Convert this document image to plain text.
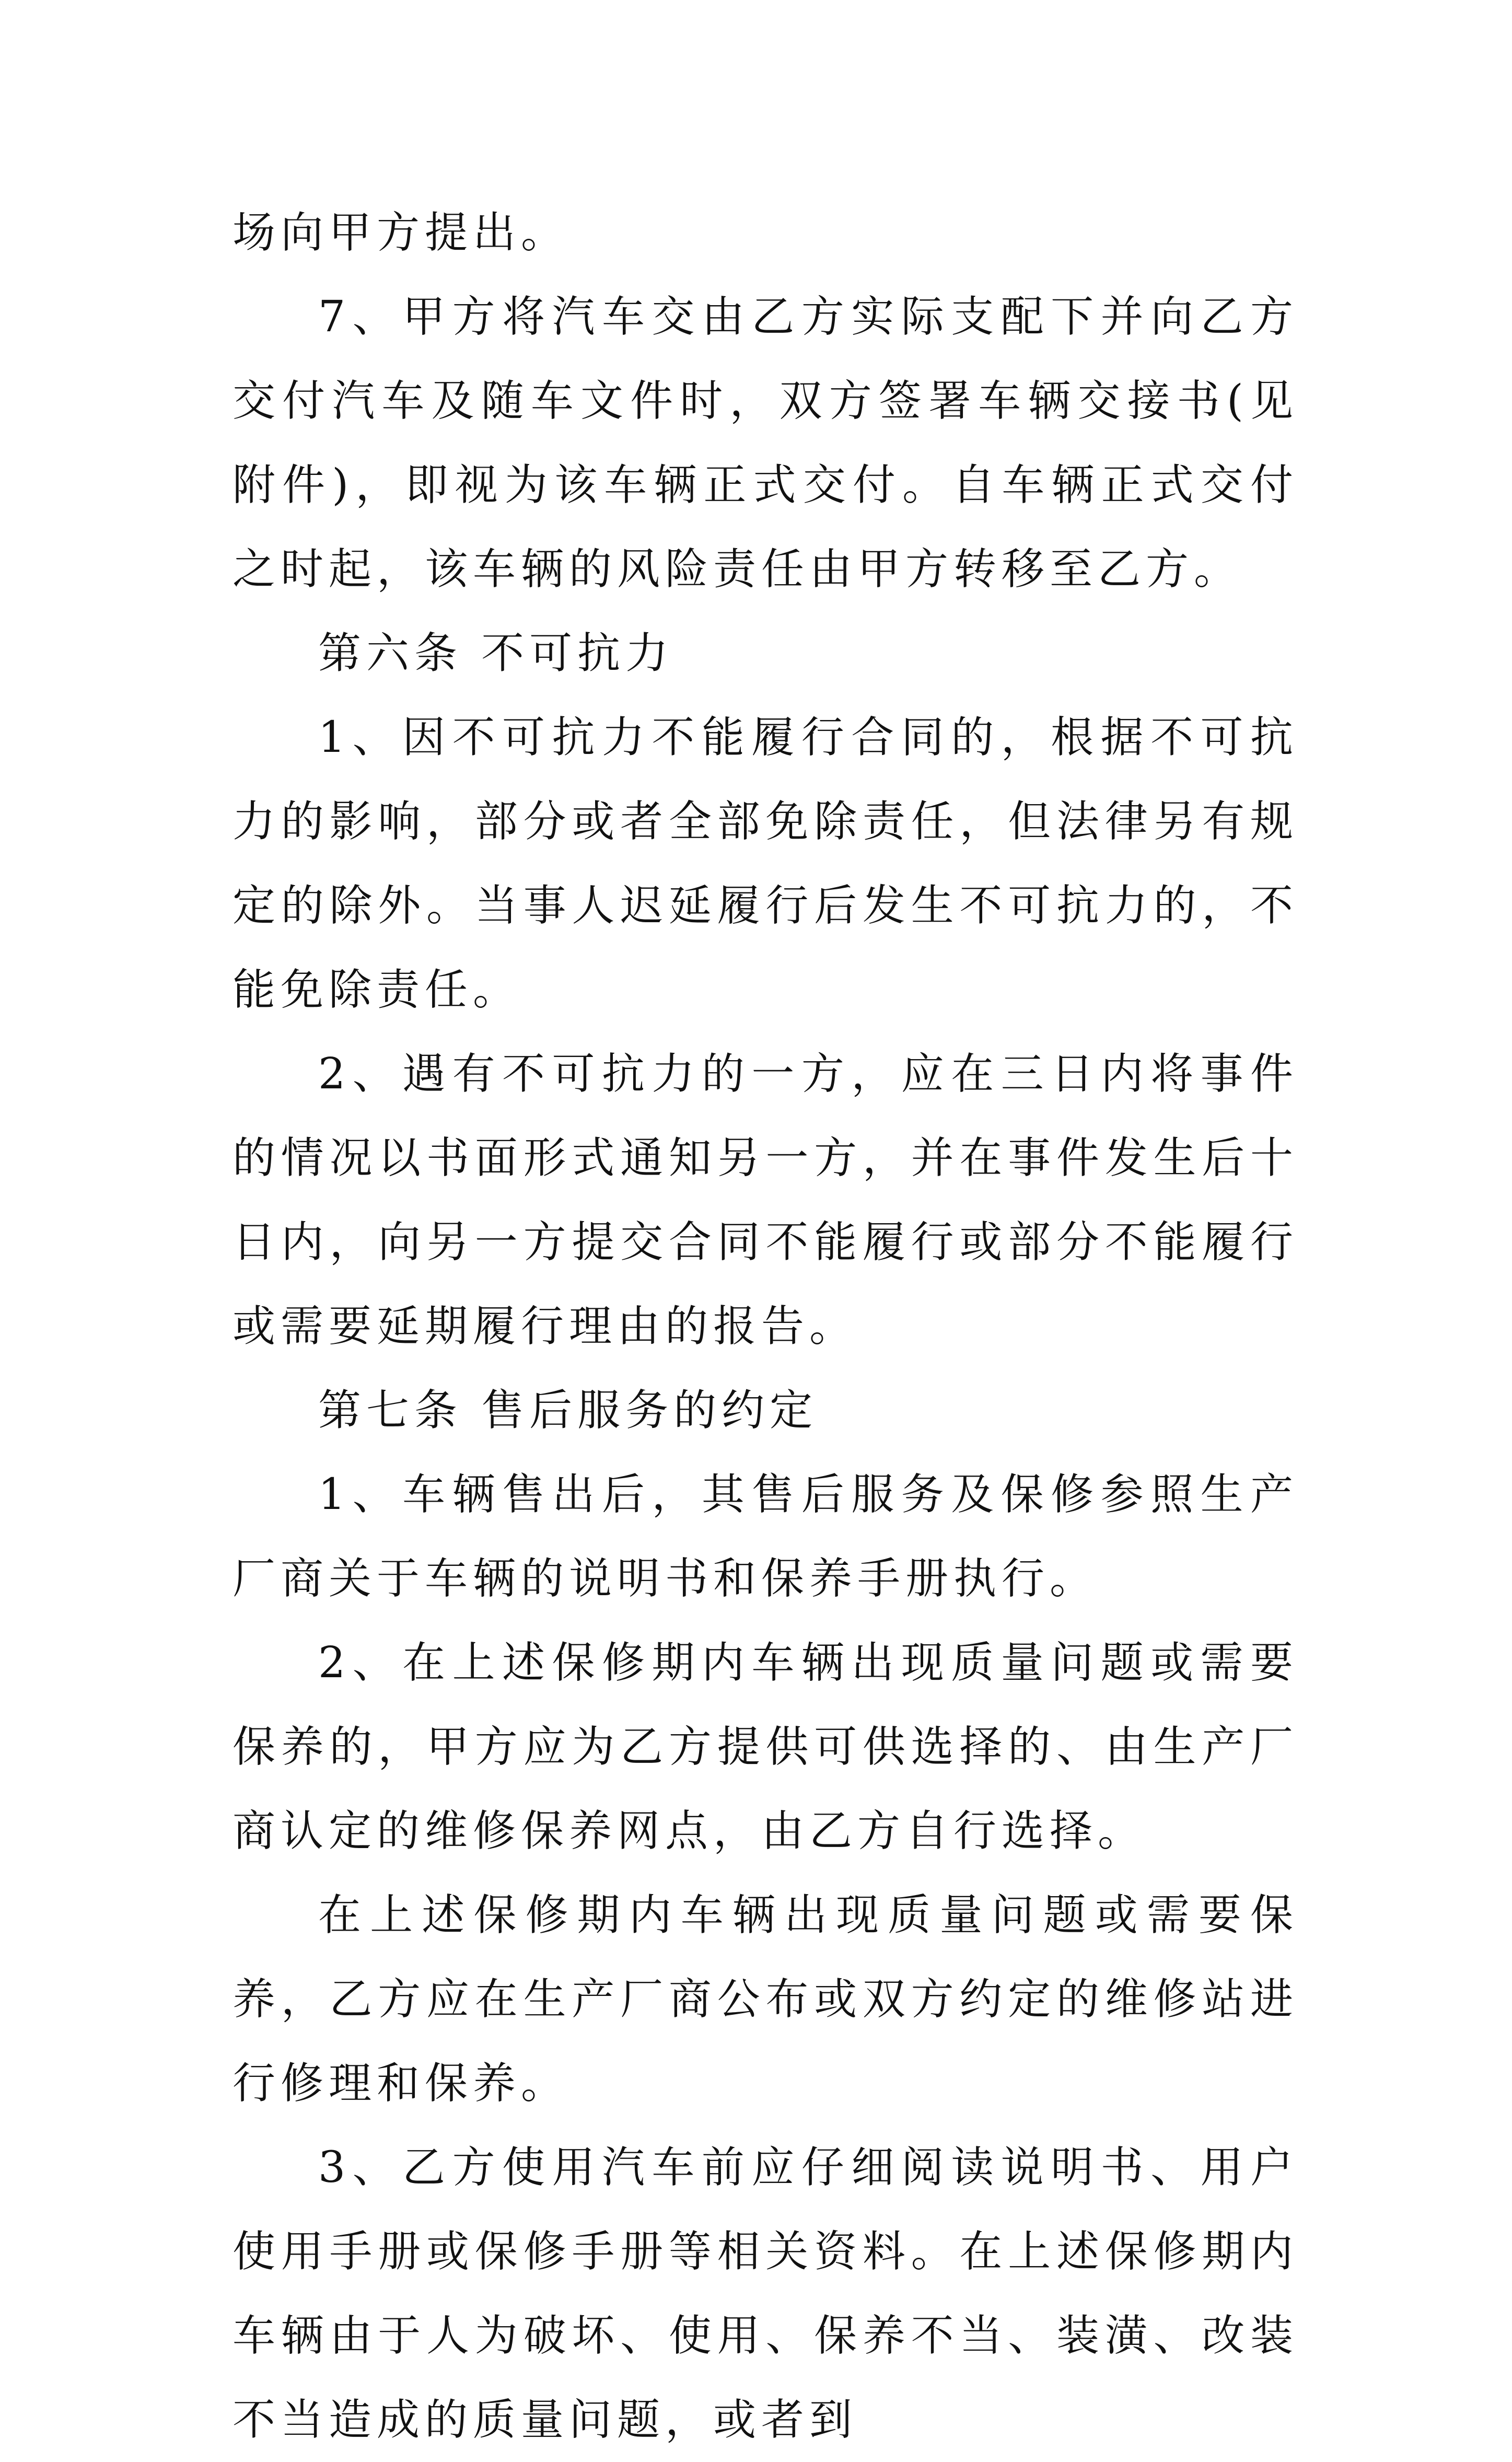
场向甲方提出。

7、甲方将汽车交由乙方实际支配下并向乙方交付汽车及随车文件时，双方签署车辆交接书(见附件)，即视为该车辆正式交付。自车辆正式交付之时起，该车辆的风险责任由甲方转移至乙方。

第六条 不可抗力

1、因不可抗力不能履行合同的，根据不可抗力的影响，部分或者全部免除责任，但法律另有规定的除外。当事人迟延履行后发生不可抗力的，不能免除责任。

2、遇有不可抗力的一方，应在三日内将事件的情况以书面形式通知另一方，并在事件发生后十日内，向另一方提交合同不能履行或部分不能履行或需要延期履行理由的报告。

第七条 售后服务的约定

1、车辆售出后，其售后服务及保修参照生产厂商关于车辆的说明书和保养手册执行。

2、在上述保修期内车辆出现质量问题或需要保养的，甲方应为乙方提供可供选择的、由生产厂商认定的维修保养网点，由乙方自行选择。

在上述保修期内车辆出现质量问题或需要保养，乙方应在生产厂商公布或双方约定的维修站进行修理和保养。

3、乙方使用汽车前应仔细阅读说明书、用户使用手册或保修手册等相关资料。在上述保修期内车辆由于人为破坏、使用、保养不当、装潢、改装不当造成的质量问题，或者到
